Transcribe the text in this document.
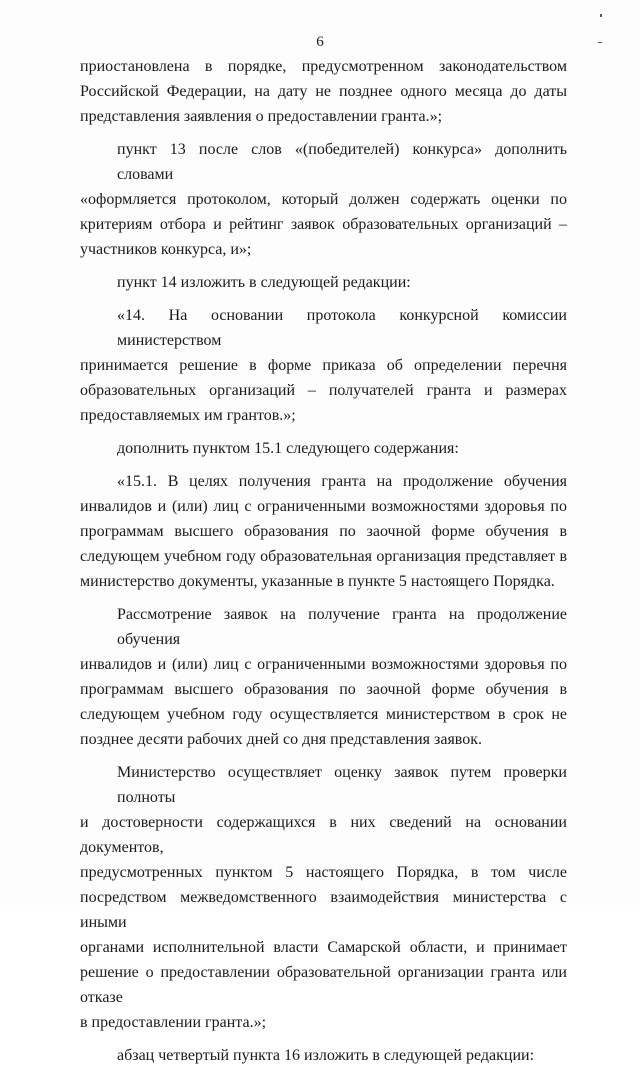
6

приостановлена в порядке, предусмотренном законодательством
Российской Федерации, на дату не позднее одного месяца до даты
представления заявления о предоставлении гранта.»;

пункт 13 после слов «(победителей) конкурса» дополнить словами
«оформляется протоколом, который должен содержать оценки по
критериям отбора и рейтинг заявок образовательных организаций –
участников конкурса, и»;

пункт 14 изложить в следующей редакции:

«14. На основании протокола конкурсной комиссии министерством
принимается решение в форме приказа об определении перечня
образовательных организаций – получателей гранта и размерах
предоставляемых им грантов.»;

дополнить пунктом 15.1 следующего содержания:

«15.1. В целях получения гранта на продолжение обучения
инвалидов и (или) лиц с ограниченными возможностями здоровья по
программам высшего образования по заочной форме обучения в
следующем учебном году образовательная организация представляет в
министерство документы, указанные в пункте 5 настоящего Порядка.

Рассмотрение заявок на получение гранта на продолжение обучения
инвалидов и (или) лиц с ограниченными возможностями здоровья по
программам высшего образования по заочной форме обучения в
следующем учебном году осуществляется министерством в срок не
позднее десяти рабочих дней со дня представления заявок.

Министерство осуществляет оценку заявок путем проверки полноты
и достоверности содержащихся в них сведений на основании документов,
предусмотренных пунктом 5 настоящего Порядка, в том числе
посредством межведомственного взаимодействия министерства с иными
органами исполнительной власти Самарской области, и принимает
решение о предоставлении образовательной организации гранта или отказе
в предоставлении гранта.»;

абзац четвертый пункта 16 изложить в следующей редакции:
